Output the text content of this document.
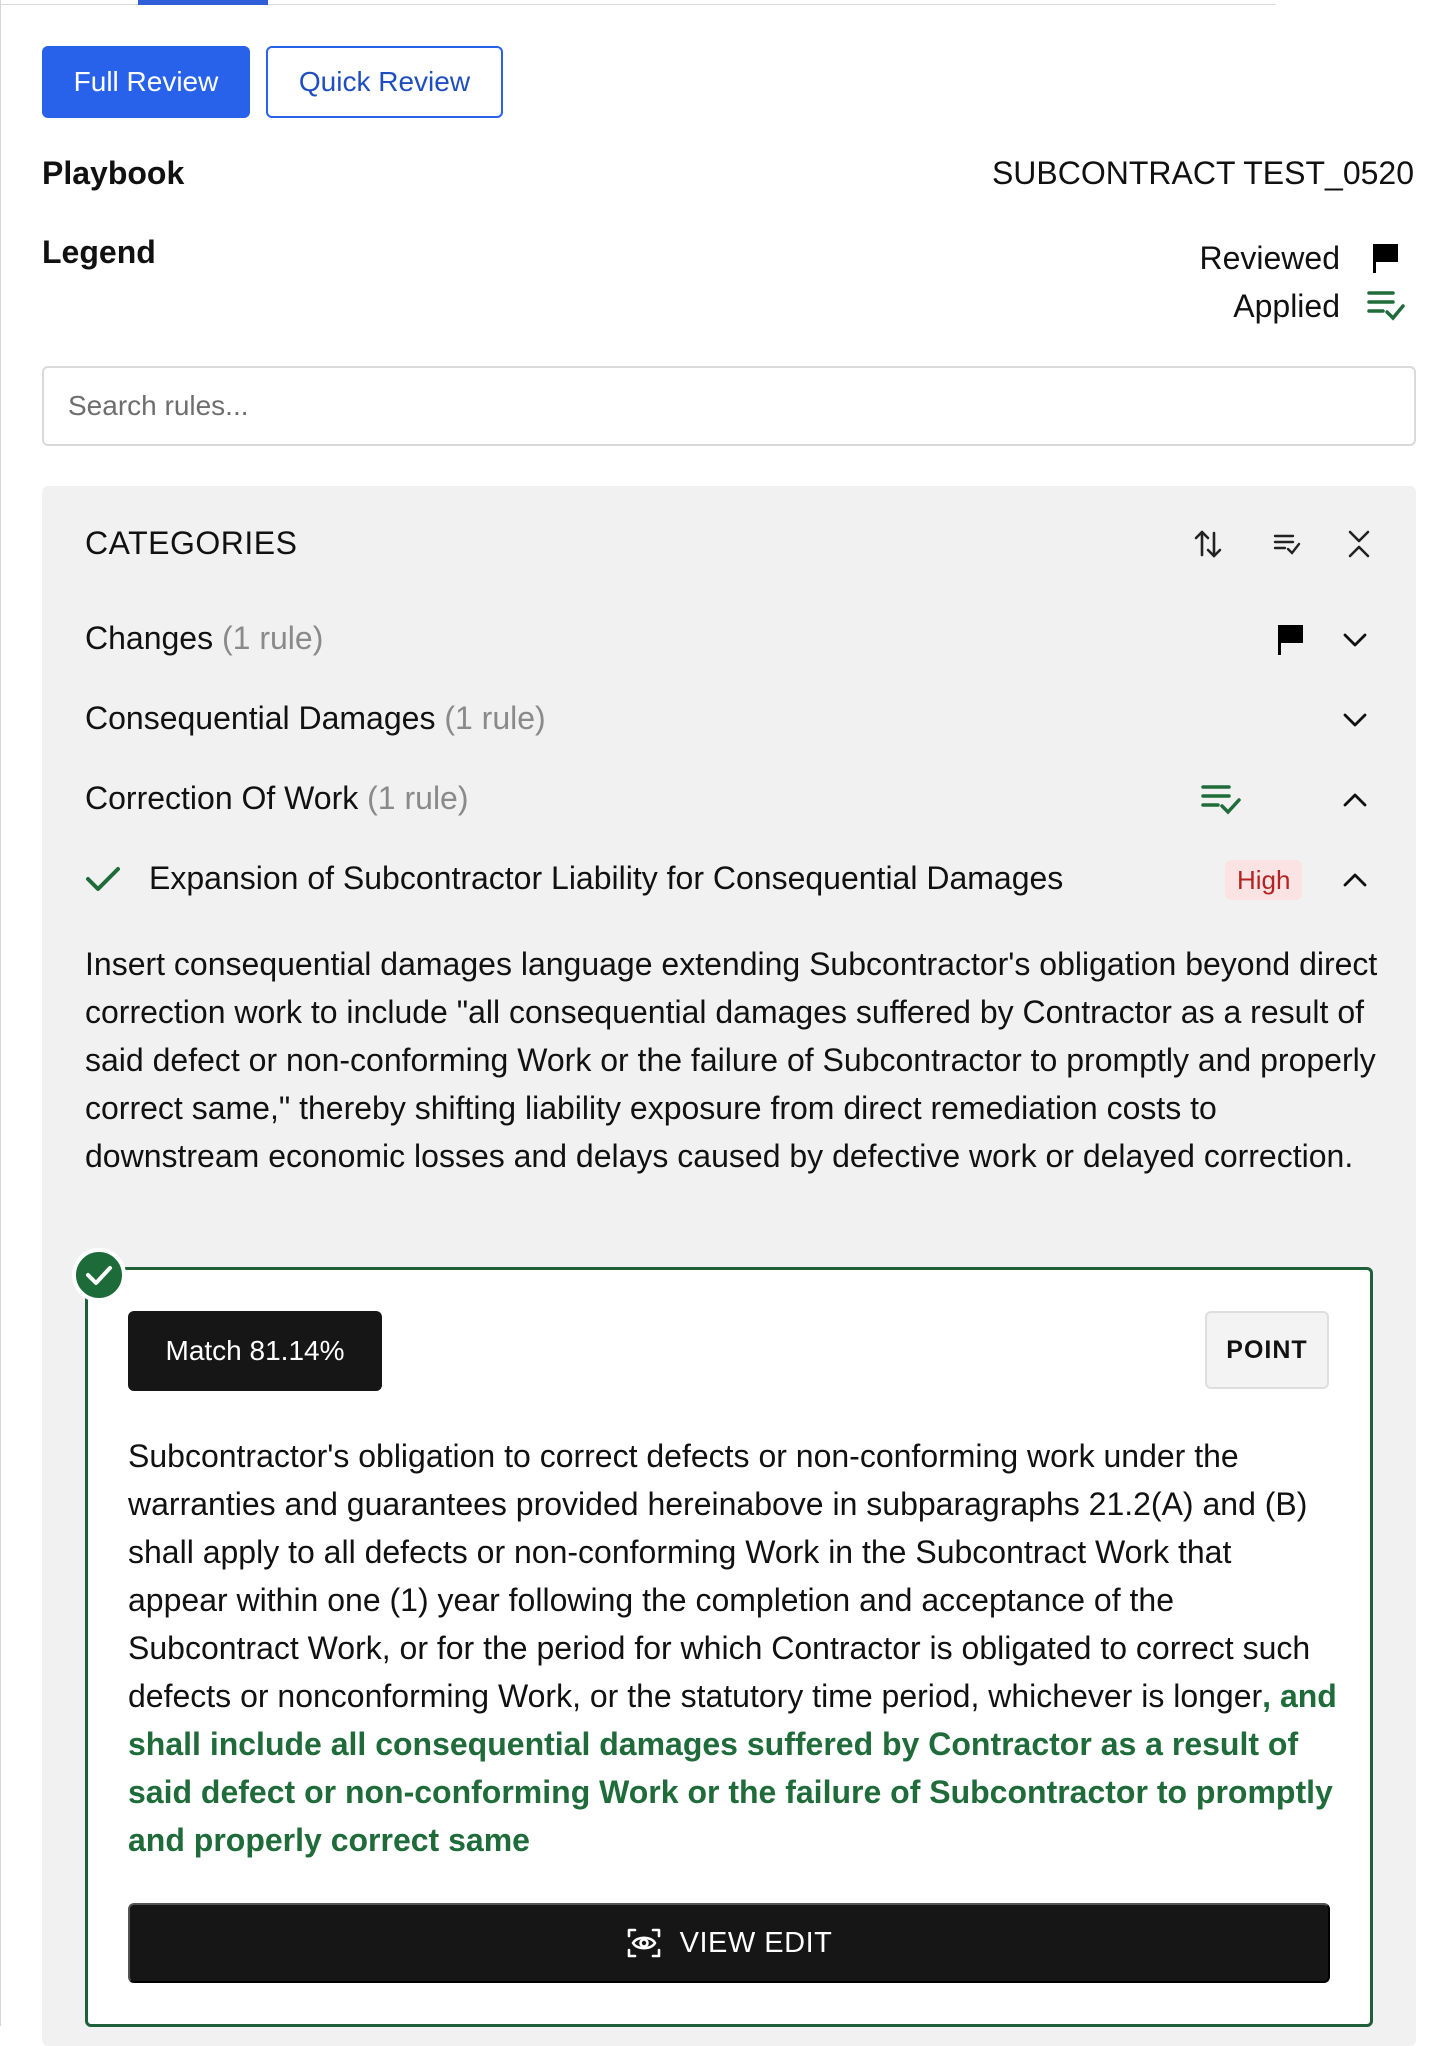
Full Review	Quick Review
Playbook	SUBCONTRACT TEST_0520
Legend	Reviewed
Applied
Search rules...
CATEGORIES
Changes (1 rule)
Consequential Damages (1 rule)
Correction Of Work (1 rule)
Expansion of Subcontractor Liability for Consequential Damages	High
Insert consequential damages language extending Subcontractor's obligation beyond direct correction work to include "all consequential damages suffered by Contractor as a result of said defect or non-conforming Work or the failure of Subcontractor to promptly and properly correct same," thereby shifting liability exposure from direct remediation costs to downstream economic losses and delays caused by defective work or delayed correction.
Match 81.14%	POINT
Subcontractor's obligation to correct defects or non-conforming work under the warranties and guarantees provided hereinabove in subparagraphs 21.2(A) and (B) shall apply to all defects or non-conforming Work in the Subcontract Work that appear within one (1) year following the completion and acceptance of the Subcontract Work, or for the period for which Contractor is obligated to correct such defects or nonconforming Work, or the statutory time period, whichever is longer, and shall include all consequential damages suffered by Contractor as a result of said defect or non-conforming Work or the failure of Subcontractor to promptly and properly correct same
VIEW EDIT
